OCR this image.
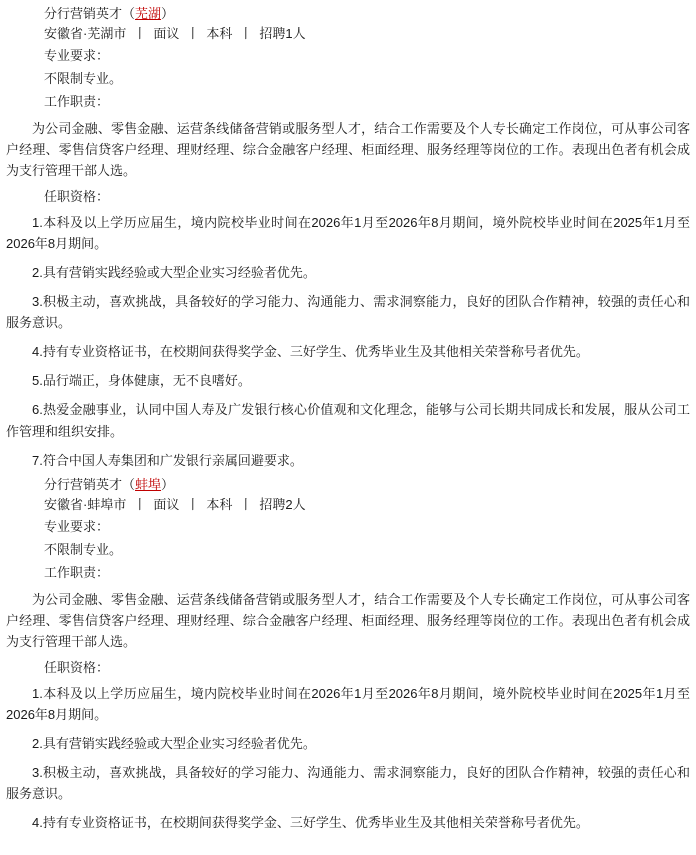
分行营销英才（芜湖）
安徽省·芜湖市 丨 面议 丨 本科 丨 招聘1人
专业要求：
不限制专业。
工作职责：
为公司金融、零售金融、运营条线储备营销或服务型人才，结合工作需要及个人专长确定工作岗位，可从事公司客户经理、零售信贷客户经理、理财经理、综合金融客户经理、柜面经理、服务经理等岗位的工作。表现出色者有机会成为支行管理干部人选。
任职资格：
1.本科及以上学历应届生，境内院校毕业时间在2026年1月至2026年8月期间，境外院校毕业时间在2025年1月至2026年8月期间。
2.具有营销实践经验或大型企业实习经验者优先。
3.积极主动，喜欢挑战，具备较好的学习能力、沟通能力、需求洞察能力，良好的团队合作精神，较强的责任心和服务意识。
4.持有专业资格证书，在校期间获得奖学金、三好学生、优秀毕业生及其他相关荣誉称号者优先。
5.品行端正，身体健康，无不良嗜好。
6.热爱金融事业，认同中国人寿及广发银行核心价值观和文化理念，能够与公司长期共同成长和发展，服从公司工作管理和组织安排。
7.符合中国人寿集团和广发银行亲属回避要求。
分行营销英才（蚌埠）
安徽省·蚌埠市 丨 面议 丨 本科 丨 招聘2人
专业要求：
不限制专业。
工作职责：
为公司金融、零售金融、运营条线储备营销或服务型人才，结合工作需要及个人专长确定工作岗位，可从事公司客户经理、零售信贷客户经理、理财经理、综合金融客户经理、柜面经理、服务经理等岗位的工作。表现出色者有机会成为支行管理干部人选。
任职资格：
1.本科及以上学历应届生，境内院校毕业时间在2026年1月至2026年8月期间，境外院校毕业时间在2025年1月至2026年8月期间。
2.具有营销实践经验或大型企业实习经验者优先。
3.积极主动，喜欢挑战，具备较好的学习能力、沟通能力、需求洞察能力，良好的团队合作精神，较强的责任心和服务意识。
4.持有专业资格证书，在校期间获得奖学金、三好学生、优秀毕业生及其他相关荣誉称号者优先。
